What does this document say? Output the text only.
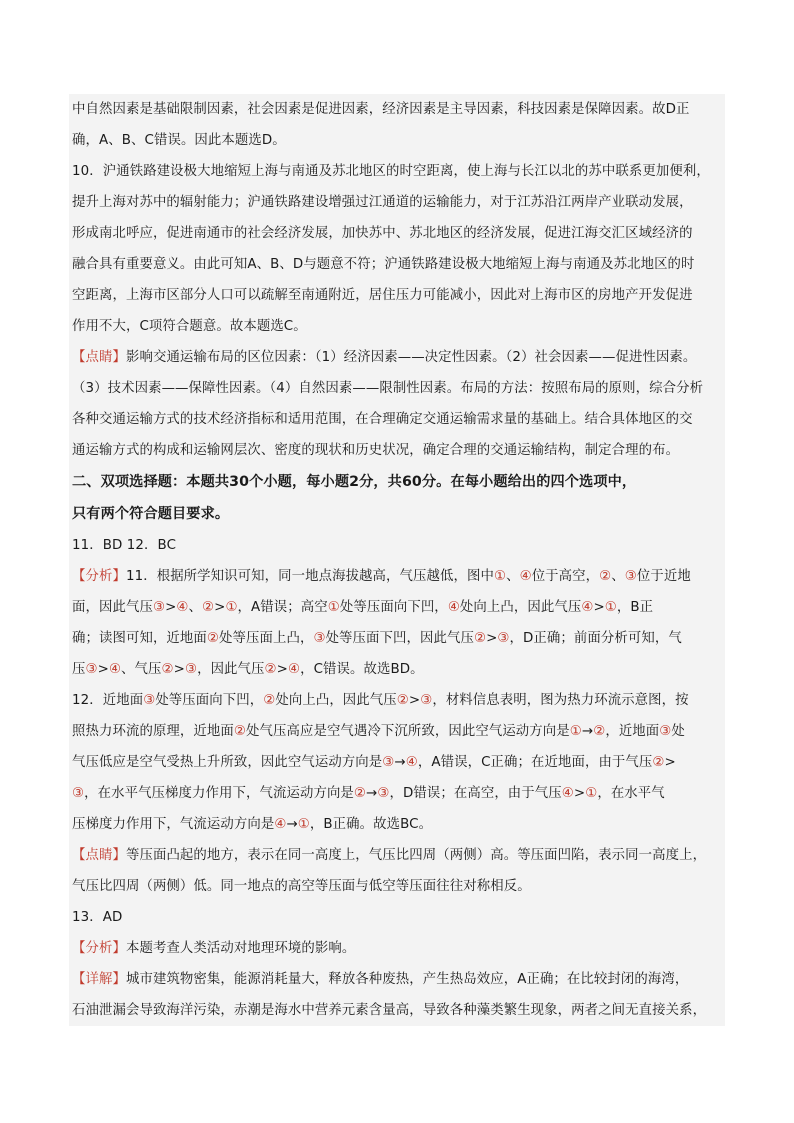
中自然因素是基础限制因素，社会因素是促进因素，经济因素是主导因素，科技因素是保障因素。故D正
确，A、B、C错误。因此本题选D。
10．沪通铁路建设极大地缩短上海与南通及苏北地区的时空距离，使上海与长江以北的苏中联系更加便利，
提升上海对苏中的辐射能力；沪通铁路建设增强过江通道的运输能力，对于江苏沿江两岸产业联动发展，
形成南北呼应，促进南通市的社会经济发展，加快苏中、苏北地区的经济发展，促进江海交汇区域经济的
融合具有重要意义。由此可知A、B、D与题意不符；沪通铁路建设极大地缩短上海与南通及苏北地区的时
空距离，上海市区部分人口可以疏解至南通附近，居住压力可能减小，因此对上海市区的房地产开发促进
作用不大，C项符合题意。故本题选C。
【点睛】影响交通运输布局的区位因素：（1）经济因素——决定性因素。（2）社会因素——促进性因素。
（3）技术因素——保障性因素。（4）自然因素——限制性因素。布局的方法：按照布局的原则，综合分析
各种交通运输方式的技术经济指标和适用范围，在合理确定交通运输需求量的基础上。结合具体地区的交
通运输方式的构成和运输网层次、密度的现状和历史状况，确定合理的交通运输结构，制定合理的布。
二、双项选择题：本题共30个小题，每小题2分，共60分。在每小题给出的四个选项中，
只有两个符合题目要求。
11．BD 12．BC
【分析】11．根据所学知识可知，同一地点海拔越高，气压越低，图中①、④位于高空，②、③位于近地
面，因此气压③>④、②>①，A错误；高空①处等压面向下凹，④处向上凸，因此气压④>①，B正
确；读图可知，近地面②处等压面上凸，③处等压面下凹，因此气压②>③，D正确；前面分析可知，气
压③>④、气压②>③，因此气压②>④，C错误。故选BD。
12．近地面③处等压面向下凹，②处向上凸，因此气压②>③，材料信息表明，图为热力环流示意图，按
照热力环流的原理，近地面②处气压高应是空气遇冷下沉所致，因此空气运动方向是①→②，近地面③处
气压低应是空气受热上升所致，因此空气运动方向是③→④，A错误，C正确；在近地面，由于气压②>
③，在水平气压梯度力作用下，气流运动方向是②→③，D错误；在高空，由于气压④>①，在水平气
压梯度力作用下，气流运动方向是④→①，B正确。故选BC。
【点睛】等压面凸起的地方，表示在同一高度上，气压比四周（两侧）高。等压面凹陷，表示同一高度上，
气压比四周（两侧）低。同一地点的高空等压面与低空等压面往往对称相反。
13．AD
【分析】本题考查人类活动对地理环境的影响。
【详解】城市建筑物密集，能源消耗量大，释放各种废热，产生热岛效应，A正确；在比较封闭的海湾，
石油泄漏会导致海洋污染，赤潮是海水中营养元素含量高，导致各种藻类繁生现象，两者之间无直接关系，
